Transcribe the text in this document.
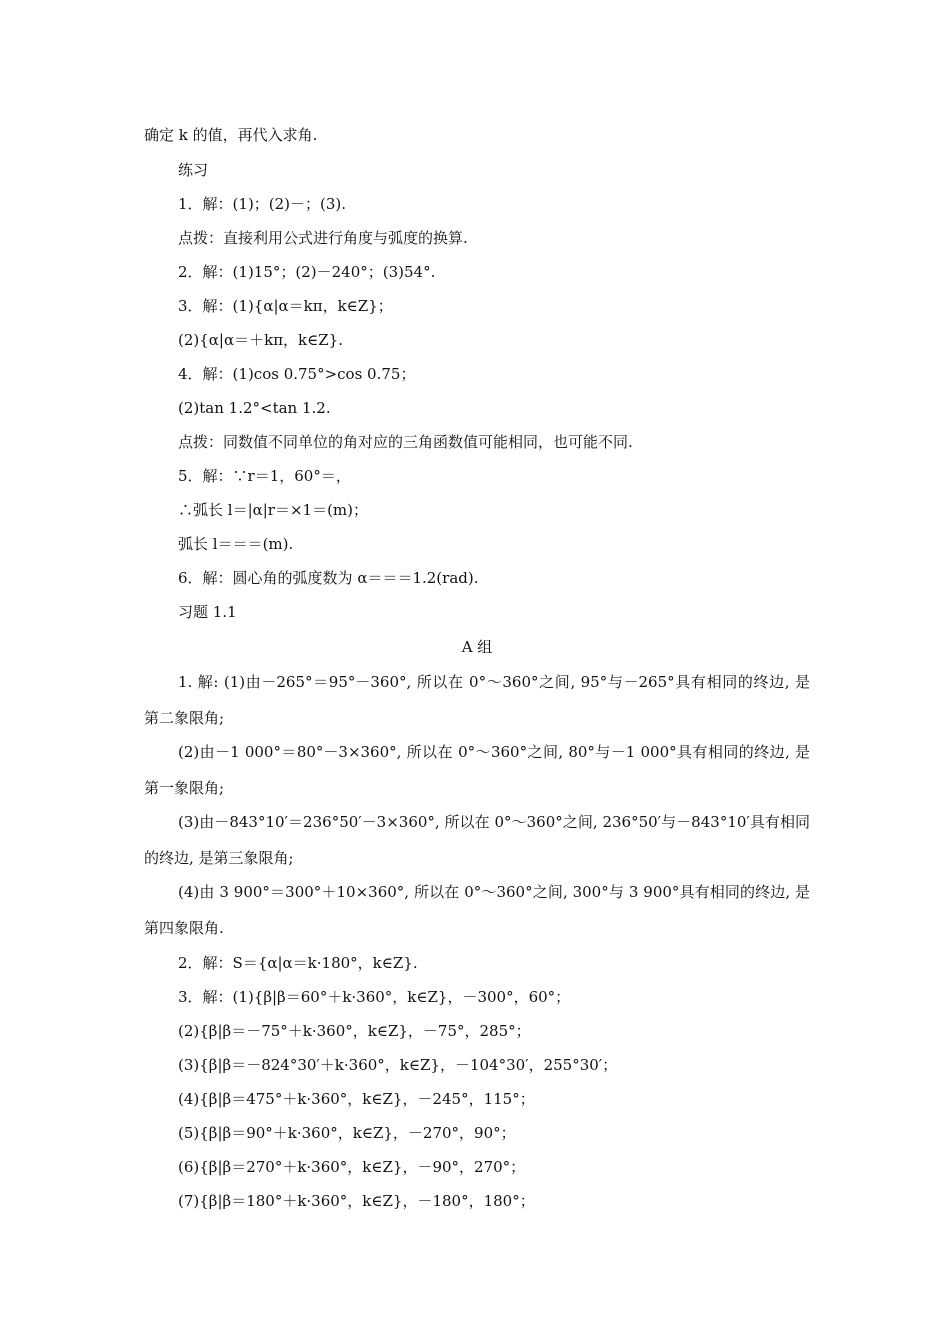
确定 k 的值，再代入求角.
练习
1．解：(1)；(2)－；(3).
点拨：直接利用公式进行角度与弧度的换算.
2．解：(1)15°；(2)－240°；(3)54°.
3．解：(1){α|α＝kπ，k∈Z}；
(2){α|α＝＋kπ，k∈Z}.
4．解：(1)cos 0.75°>cos 0.75；
(2)tan 1.2°<tan 1.2.
点拨：同数值不同单位的角对应的三角函数值可能相同，也可能不同.
5．解：∵r＝1，60°＝，
∴弧长 l＝|α|r＝×1＝(m)；
弧长 l＝＝＝(m).
6．解：圆心角的弧度数为 α＝＝＝1.2(rad).
习题 1.1
A 组
1. 解: (1)由－265°＝95°－360°, 所以在 0°～360°之间, 95°与－265°具有相同的终边, 是
第二象限角;
(2)由－1 000°＝80°－3×360°, 所以在 0°～360°之间, 80°与－1 000°具有相同的终边, 是
第一象限角;
(3)由－843°10′＝236°50′－3×360°, 所以在 0°～360°之间, 236°50′与－843°10′具有相同
的终边, 是第三象限角;
(4)由 3 900°＝300°＋10×360°, 所以在 0°～360°之间, 300°与 3 900°具有相同的终边, 是
第四象限角.
2．解：S＝{α|α＝k·180°，k∈Z}.
3．解：(1){β|β＝60°＋k·360°，k∈Z}，－300°，60°；
(2){β|β＝－75°＋k·360°，k∈Z}，－75°，285°；
(3){β|β＝－824°30′＋k·360°，k∈Z}，－104°30′，255°30′；
(4){β|β＝475°＋k·360°，k∈Z}，－245°，115°；
(5){β|β＝90°＋k·360°，k∈Z}，－270°，90°；
(6){β|β＝270°＋k·360°，k∈Z}，－90°，270°；
(7){β|β＝180°＋k·360°，k∈Z}，－180°，180°；
